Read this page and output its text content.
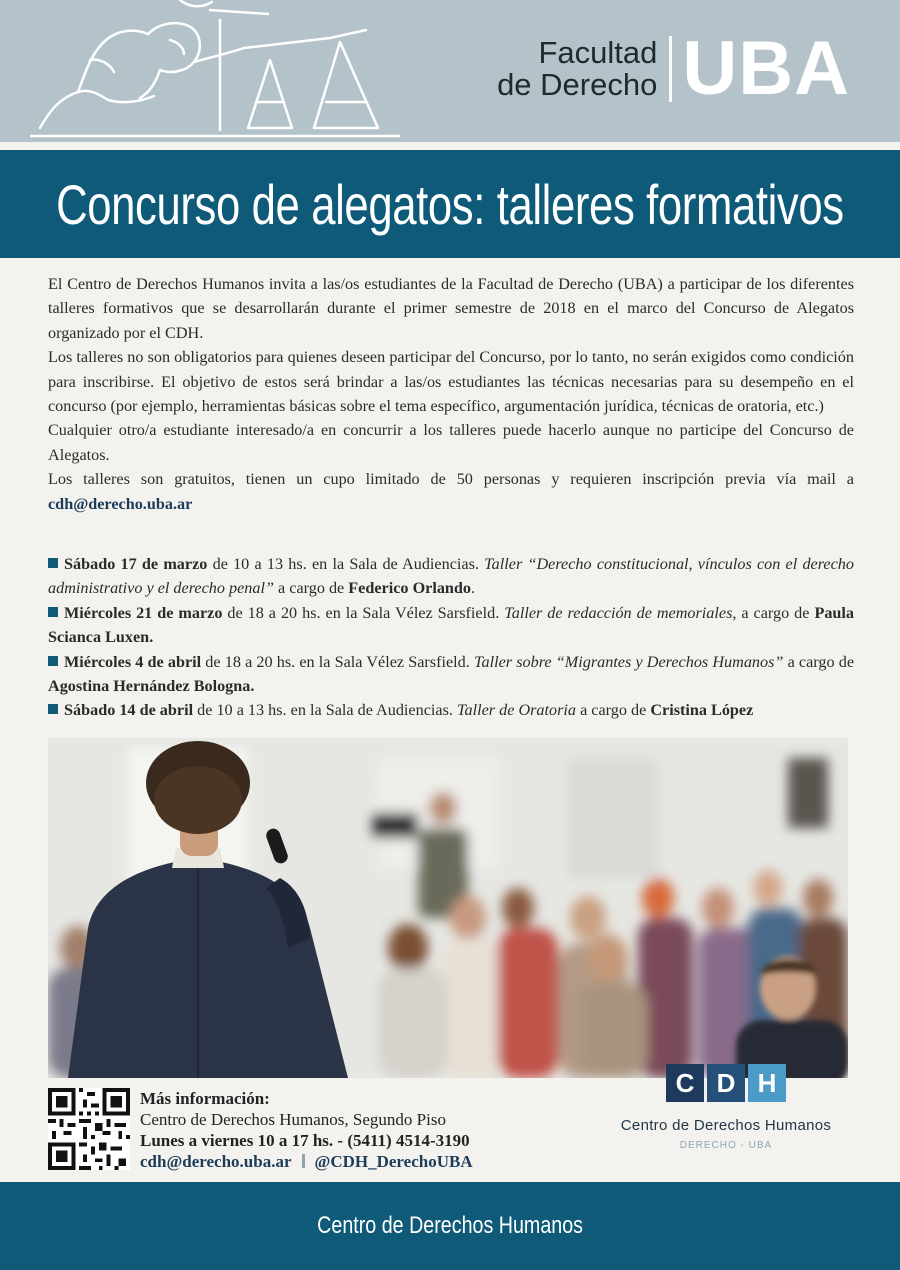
Facultad
de Derecho UBA
Concurso de alegatos: talleres formativos

El Centro de Derechos Humanos invita a las/os estudiantes de la Facultad de Derecho (UBA) a participar de los diferentes talleres formativos que se desarrollarán durante el primer semestre de 2018 en el marco del Concurso de Alegatos organizado por el CDH.

Los talleres no son obligatorios para quienes deseen participar del Concurso, por lo tanto, no serán exigidos como condición para inscribirse. El objetivo de estos será brindar a las/os estudiantes las técnicas necesarias para su desempeño en el concurso (por ejemplo, herramientas básicas sobre el tema específico, argumentación jurídica, técnicas de oratoria, etc.)

Cualquier otro/a estudiante interesado/a en concurrir a los talleres puede hacerlo aunque no participe del Concurso de Alegatos.

Los talleres son gratuitos, tienen un cupo limitado de 50 personas y requieren inscripción previa vía mail a cdh@derecho.uba.ar

Sábado 17 de marzo de 10 a 13 hs. en la Sala de Audiencias. Taller “Derecho constitucional, vínculos con el derecho administrativo y el derecho penal” a cargo de Federico Orlando.
Miércoles 21 de marzo de 18 a 20 hs. en la Sala Vélez Sarsfield. Taller de redacción de memoriales, a cargo de Paula Scianca Luxen.
Miércoles 4 de abril de 18 a 20 hs. en la Sala Vélez Sarsfield. Taller sobre “Migrantes y Derechos Humanos” a cargo de Agostina Hernández Bologna.
Sábado 14 de abril de 10 a 13 hs. en la Sala de Audiencias. Taller de Oratoria a cargo de Cristina López
Más información:
Centro de Derechos Humanos, Segundo Piso
Lunes a viernes 10 a 17 hs. - (5411) 4514-3190
cdh@derecho.uba.ar @CDH_DerechoUBA
C D H
Centro de Derechos Humanos
DERECHO - UBA
Centro de Derechos Humanos
